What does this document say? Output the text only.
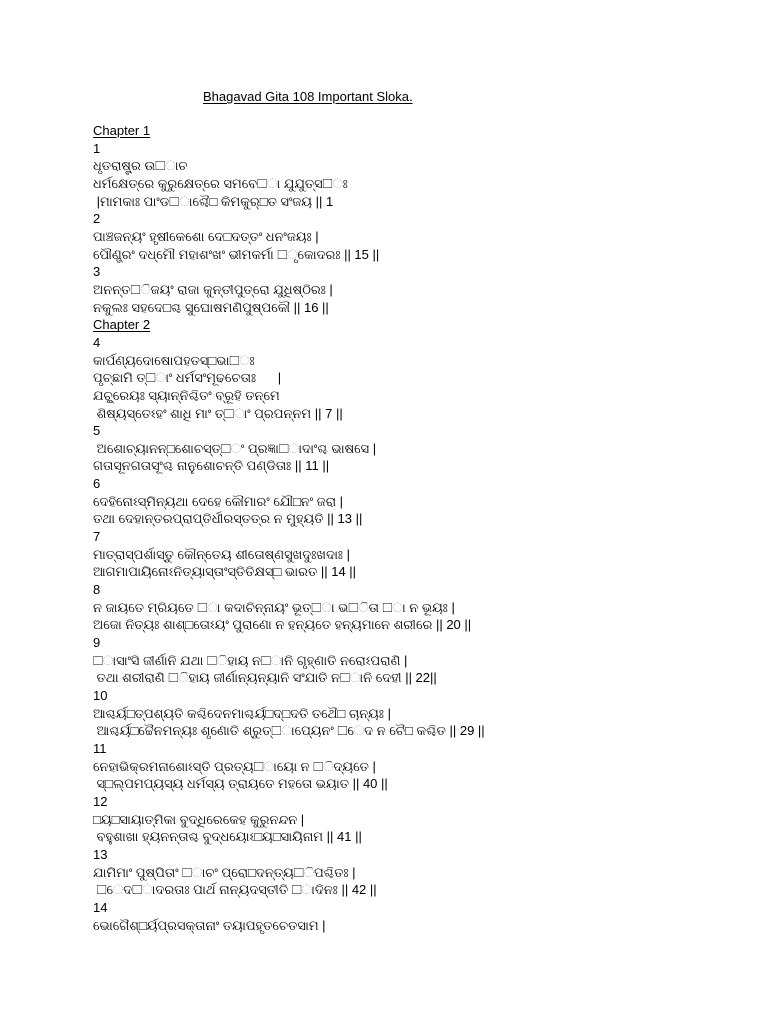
Bhagavad Gita 108 Important Sloka.
Chapter 1
1
ଧୃତରାଷ୍ଟ୍ର ଉ□ାଚ
ଧର୍ମକ୍ଷେତ୍ରେ କୁରୁକ୍ଷେତ୍ରେ ସମବେ□ା ଯୁଯୁତ୍ସ□ଃ
|ମାମକାଃ ପାଂଡ□ାଶ୍ଚୈ□ କିମକୁର୍□ତ ସଂଜୟ || 1
2
ପାଞ୍ଚଜନ୍ୟଂ ହୃଷୀକେଶୋ ଦେ□ଦତ୍ତଂ ଧନଂଜୟଃ |
ପୌଣ୍ଡ୍ରଂ ଦଧ୍ମୌ ମହାଶଂଖଂ ଭୀମକର୍ମା □ୃକୋଦରଃ || 15 ||
3
ଅନନ୍ତ□ିଜୟଂ ରାଜା କୁନ୍ତୀପୁତ୍ରୋ ଯୁଧିଷ୍ଠିରଃ |
ନକୁଲଃ ସହଦେ□ଶ୍ଚ ସୁଘୋଷମଣିପୁଷ୍ପକୌ || 16 ||
Chapter 2
4
କାର୍ପଣ୍ୟଦୋଷୋପହତସ୍□ଭା□ଃ
ପୃଚ୍ଛାମି ତ୍□ାଂ ଧର୍ମସଂମୂଢଚେତାଃ      |
ଯଚ୍ଛ୍ରେୟଃ ସ୍ୟାନ୍ନିଶ୍ଚିତଂ ବ୍ରୂହି ତନ୍ମେ
ଶିଷ୍ୟସ୍ତେଽହଂ ଶାଧି ମାଂ ତ୍□ାଂ ପ୍ରପନ୍ନମ || 7 ||
5
ଅଶୋଚ୍ୟାନନ୍□ଶୋଚସ୍ତ୍□ଂ ପ୍ରଜ୍ଞା□ାଦାଂଶ୍ଚ ଭାଷସେ |
ଗତାସୂନଗତାସୂଂଶ୍ଚ ନାନୁଶୋଚନ୍ତି ପଣ୍ଡିତାଃ || 11 ||
6
ଦେହିନୋଽସ୍ମିନ୍ୟଥା ଦେହେ କୌମାରଂ ଯୌ□ନଂ ଜରା |
ତଥା ଦେହାନ୍ତରପ୍ରାପ୍ତିର୍ଧୀରସ୍ତତ୍ର ନ ମୁହ୍ୟତି || 13 ||
7
ମାତ୍ରାସ୍ପର୍ଶାସ୍ତୁ କୌନ୍ତେୟ ଶୀତୋଷ୍ଣସୁଖଦୁଃଖଦାଃ |
ଆଗମାପାୟିନୋଽନିତ୍ୟାସ୍ତାଂସ୍ତିତିକ୍ଷସ୍□ ଭାରତ || 14 ||
8
ନ ଜାୟତେ ମ୍ରିୟତେ □ା କଦାଚିନ୍ନାୟଂ ଭୂତ୍□ା ଭ□ିତା □ା ନ ଭୂୟଃ |
ଅଜୋ ନିତ୍ୟଃ ଶାଶ୍□ତୋଽୟଂ ପୁରାଣୋ ନ ହନ୍ୟତେ ହନ୍ୟମାନେ ଶରୀରେ || 20 ||
9
□ାସାଂସି ଜୀର୍ଣାନି ଯଥା □ିହାୟ ନ□ାନି ଗୃହ୍ଣାତି ନରୋଽପରାଣି |
ତଥା ଶରୀରାଣି □ିହାୟ ଜୀର୍ଣାନ୍ୟନ୍ୟାନି ସଂଯାତି ନ□ାନି ଦେହୀ || 22||
10
ଆଶ୍ଚର୍ୟ□ତ୍ପଶ୍ୟତି କଶ୍ଚିଦେନମାଶ୍ଚର୍ୟ□ଦ୍□ଦତି ତଥୈ□ ଚାନ୍ୟଃ |
ଆଶ୍ଚର୍ୟ□ଚ୍ଚୈନମନ୍ୟଃ ଶୃଣୋତି ଶ୍ରୁତ୍□ାପ୍ୟେନଂ □େଦ ନ ଚୈ□ କଶ୍ଚିତ || 29 ||
11
ନେହାଭିକ୍ରମନାଶୋଽସ୍ତି ପ୍ରତ୍ୟ□ାୟୋ ନ □ିଦ୍ୟତେ |
ସ୍□ଲ୍ପମପ୍ୟସ୍ୟ ଧର୍ମସ୍ୟ ତ୍ରାୟତେ ମହତୋ ଭୟାତ || 40 ||
12
□ୟ□ସାୟାତ୍ମିକା ବୁଦ୍ଧିରେକେହ କୁରୁନନ୍ଦନ |
ବହୁଶାଖା ହ୍ୟନନ୍ତାଶ୍ଚ ବୁଦ୍ଧୟୋଽ□ୟ□ସାୟିନାମ || 41 ||
13
ଯାମିମାଂ ପୁଷ୍ପିତାଂ □ାଚଂ ପ୍ରୋ□ଦନ୍ତ୍ୟ□ିପଶ୍ଚିତଃ |
□େଦ□ାଦରତାଃ ପାର୍ଥ ନାନ୍ୟଦସ୍ତୀତି □ାଦିନଃ || 42 ||
14
ଭୋଗୈଶ୍□ର୍ୟପ୍ରସକ୍ତାନାଂ ତୟାପହୃତଚେତସାମ |
